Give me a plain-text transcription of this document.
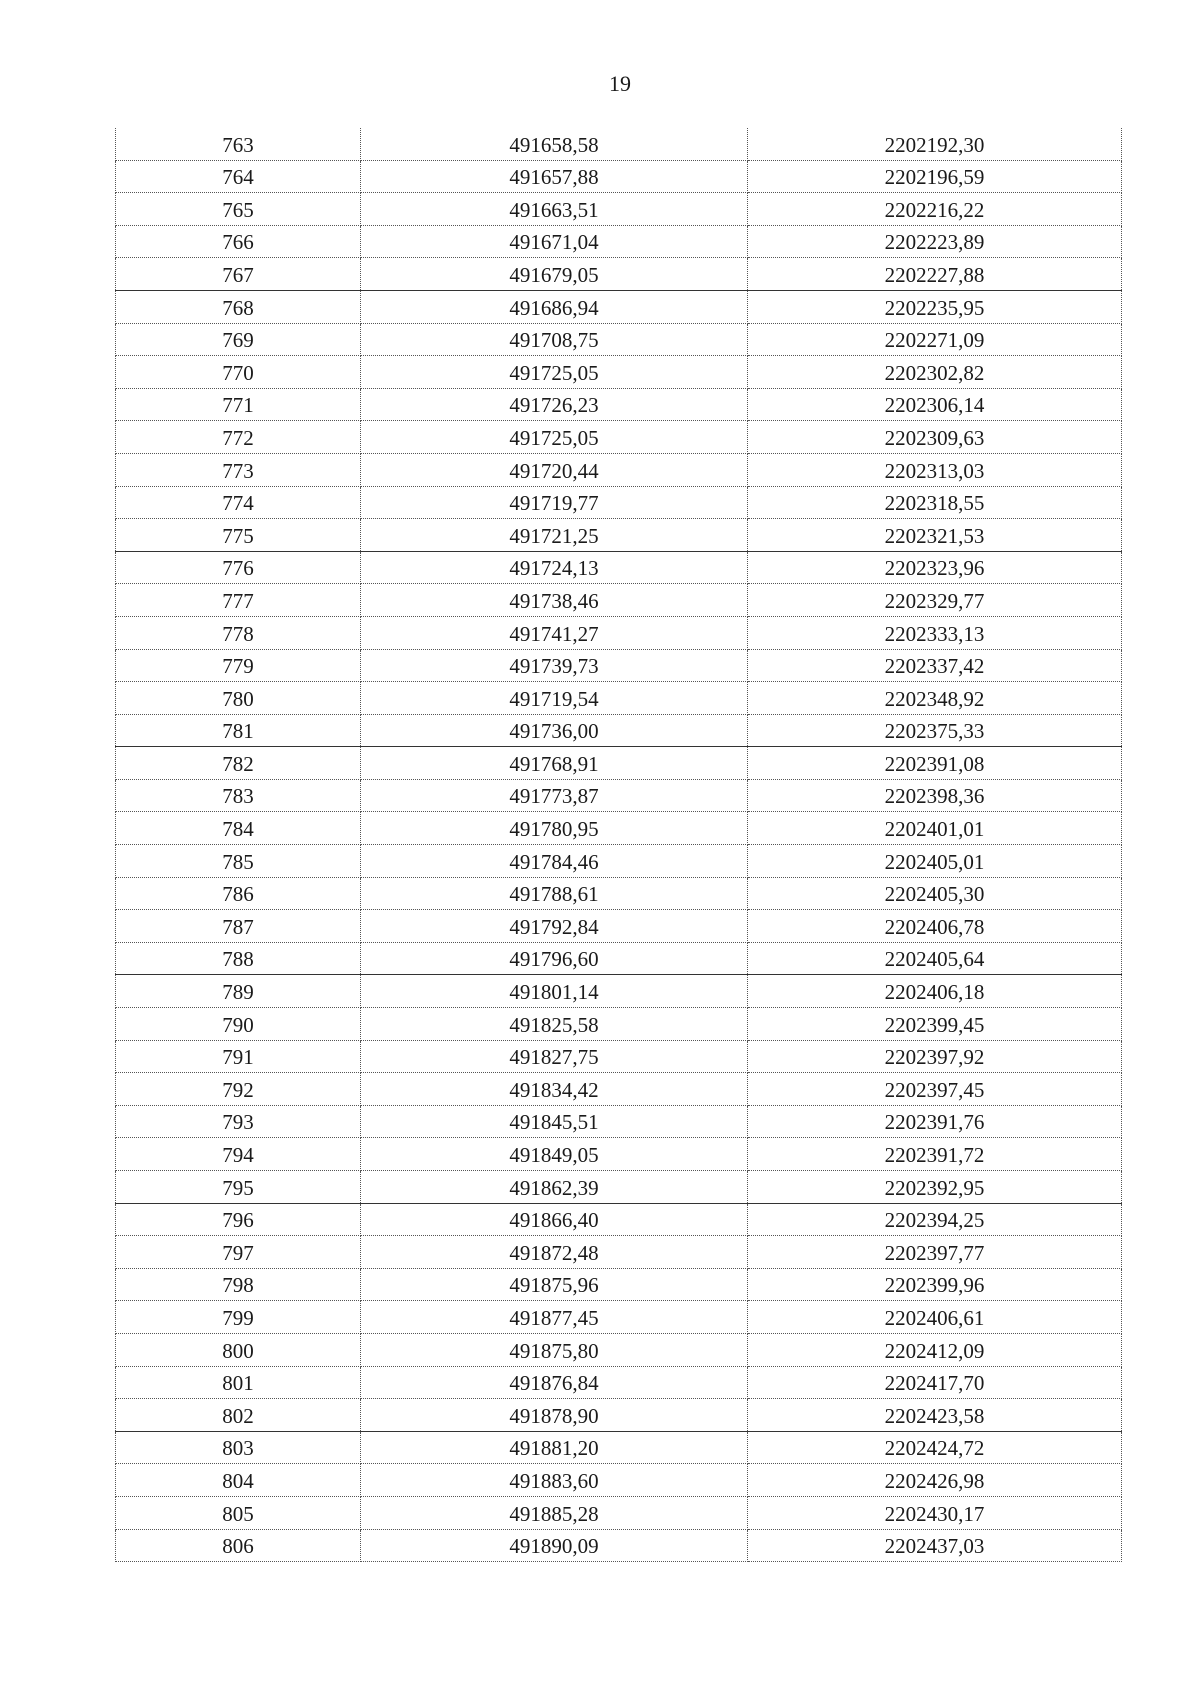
19
763	491658,58	2202192,30
764	491657,88	2202196,59
765	491663,51	2202216,22
766	491671,04	2202223,89
767	491679,05	2202227,88
768	491686,94	2202235,95
769	491708,75	2202271,09
770	491725,05	2202302,82
771	491726,23	2202306,14
772	491725,05	2202309,63
773	491720,44	2202313,03
774	491719,77	2202318,55
775	491721,25	2202321,53
776	491724,13	2202323,96
777	491738,46	2202329,77
778	491741,27	2202333,13
779	491739,73	2202337,42
780	491719,54	2202348,92
781	491736,00	2202375,33
782	491768,91	2202391,08
783	491773,87	2202398,36
784	491780,95	2202401,01
785	491784,46	2202405,01
786	491788,61	2202405,30
787	491792,84	2202406,78
788	491796,60	2202405,64
789	491801,14	2202406,18
790	491825,58	2202399,45
791	491827,75	2202397,92
792	491834,42	2202397,45
793	491845,51	2202391,76
794	491849,05	2202391,72
795	491862,39	2202392,95
796	491866,40	2202394,25
797	491872,48	2202397,77
798	491875,96	2202399,96
799	491877,45	2202406,61
800	491875,80	2202412,09
801	491876,84	2202417,70
802	491878,90	2202423,58
803	491881,20	2202424,72
804	491883,60	2202426,98
805	491885,28	2202430,17
806	491890,09	2202437,03
